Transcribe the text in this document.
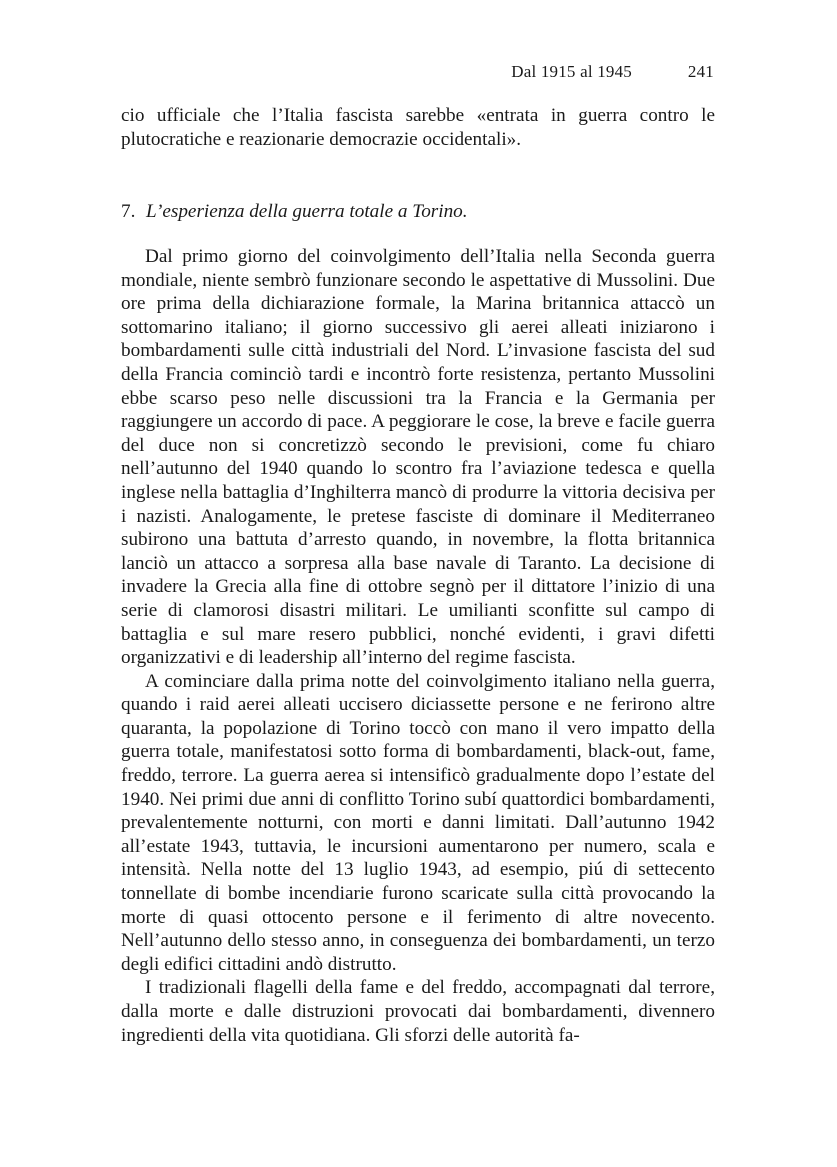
Dal 1915 al 1945	241

cio ufficiale che l’Italia fascista sarebbe «entrata in guerra contro le plutocratiche e reazionarie democrazie occidentali».

7. L’esperienza della guerra totale a Torino.

Dal primo giorno del coinvolgimento dell’Italia nella Seconda guerra mondiale, niente sembrò funzionare secondo le aspettative di Mussolini. Due ore prima della dichiarazione formale, la Marina britannica attaccò un sottomarino italiano; il giorno successivo gli aerei alleati iniziarono i bombardamenti sulle città industriali del Nord. L’invasione fascista del sud della Francia cominciò tardi e incontrò forte resistenza, pertanto Mussolini ebbe scarso peso nelle discussioni tra la Francia e la Germania per raggiungere un accordo di pace. A peggiorare le cose, la breve e facile guerra del duce non si concretizzò secondo le previsioni, come fu chiaro nell’autunno del 1940 quando lo scontro fra l’aviazione tedesca e quella inglese nella battaglia d’Inghilterra mancò di produrre la vittoria decisiva per i nazisti. Analogamente, le pretese fasciste di dominare il Mediterraneo subirono una battuta d’arresto quando, in novembre, la flotta britannica lanciò un attacco a sorpresa alla base navale di Taranto. La decisione di invadere la Grecia alla fine di ottobre segnò per il dittatore l’inizio di una serie di clamorosi disastri militari. Le umilianti sconfitte sul campo di battaglia e sul mare resero pubblici, nonché evidenti, i gravi difetti organizzativi e di leadership all’interno del regime fascista.

A cominciare dalla prima notte del coinvolgimento italiano nella guerra, quando i raid aerei alleati uccisero diciassette persone e ne ferirono altre quaranta, la popolazione di Torino toccò con mano il vero impatto della guerra totale, manifestatosi sotto forma di bombardamenti, black-out, fame, freddo, terrore. La guerra aerea si intensificò gradualmente dopo l’estate del 1940. Nei primi due anni di conflitto Torino subí quattordici bombardamenti, prevalentemente notturni, con morti e danni limitati. Dall’autunno 1942 all’estate 1943, tuttavia, le incursioni aumentarono per numero, scala e intensità. Nella notte del 13 luglio 1943, ad esempio, piú di settecento tonnellate di bombe incendiarie furono scaricate sulla città provocando la morte di quasi ottocento persone e il ferimento di altre novecento. Nell’autunno dello stesso anno, in conseguenza dei bombardamenti, un terzo degli edifici cittadini andò distrutto.

I tradizionali flagelli della fame e del freddo, accompagnati dal terrore, dalla morte e dalle distruzioni provocati dai bombardamenti, divennero ingredienti della vita quotidiana. Gli sforzi delle autorità fa-
